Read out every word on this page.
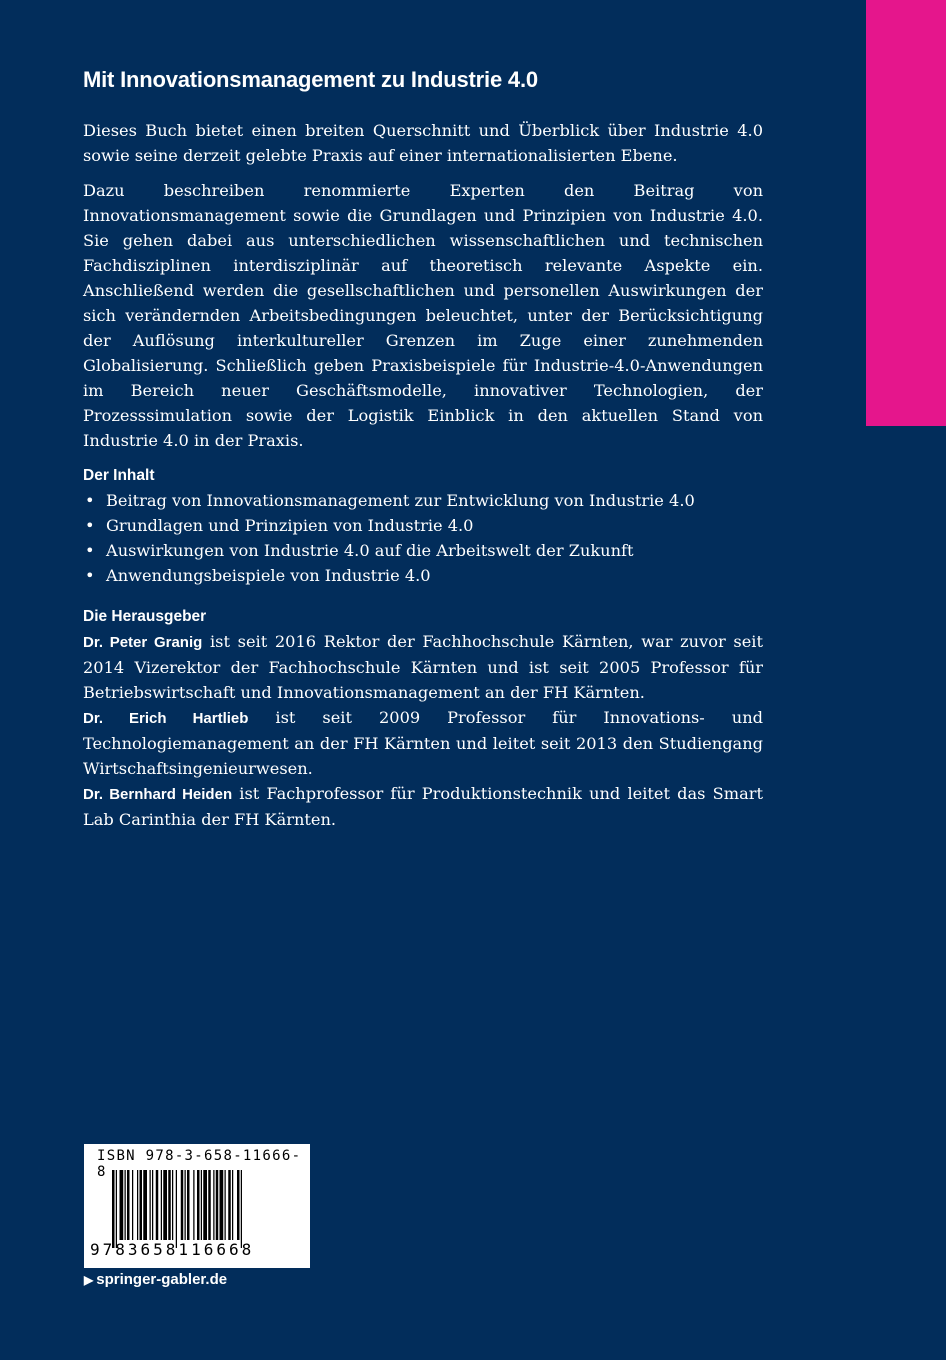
Mit Innovationsmanagement zu Industrie 4.0

Dieses Buch bietet einen breiten Querschnitt und Überblick über Industrie 4.0 sowie seine derzeit gelebte Praxis auf einer internationalisierten Ebene.

Dazu beschreiben renommierte Experten den Beitrag von Innovationsmanagement sowie die Grundlagen und Prinzipien von Industrie 4.0. Sie gehen dabei aus unterschiedlichen wissenschaftlichen und technischen Fachdisziplinen interdisziplinär auf theoretisch relevante Aspekte ein. Anschließend werden die gesellschaftlichen und personellen Auswirkungen der sich verändernden Arbeitsbedingungen beleuchtet, unter der Berücksichtigung der Auflösung interkultureller Grenzen im Zuge einer zunehmenden Globalisierung. Schließlich geben Praxisbeispiele für Industrie-4.0-Anwendungen im Bereich neuer Geschäftsmodelle, innovativer Technologien, der Prozesssimulation sowie der Logistik Einblick in den aktuellen Stand von Industrie 4.0 in der Praxis.

Der Inhalt
• Beitrag von Innovationsmanagement zur Entwicklung von Industrie 4.0
• Grundlagen und Prinzipien von Industrie 4.0
• Auswirkungen von Industrie 4.0 auf die Arbeitswelt der Zukunft
• Anwendungsbeispiele von Industrie 4.0
Die Herausgeber

Dr. Peter Granig ist seit 2016 Rektor der Fachhochschule Kärnten, war zuvor seit 2014 Vizerektor der Fachhochschule Kärnten und ist seit 2005 Professor für Betriebswirtschaft und Innovationsmanagement an der FH Kärnten.

Dr. Erich Hartlieb ist seit 2009 Professor für Innovations- und Technologiemanagement an der FH Kärnten und leitet seit 2013 den Studiengang Wirtschaftsingenieurwesen.

Dr. Bernhard Heiden ist Fachprofessor für Produktionstechnik und leitet das Smart Lab Carinthia der FH Kärnten.

ISBN 978-3-658-11666-8
9783658116668
▶ springer-gabler.de
